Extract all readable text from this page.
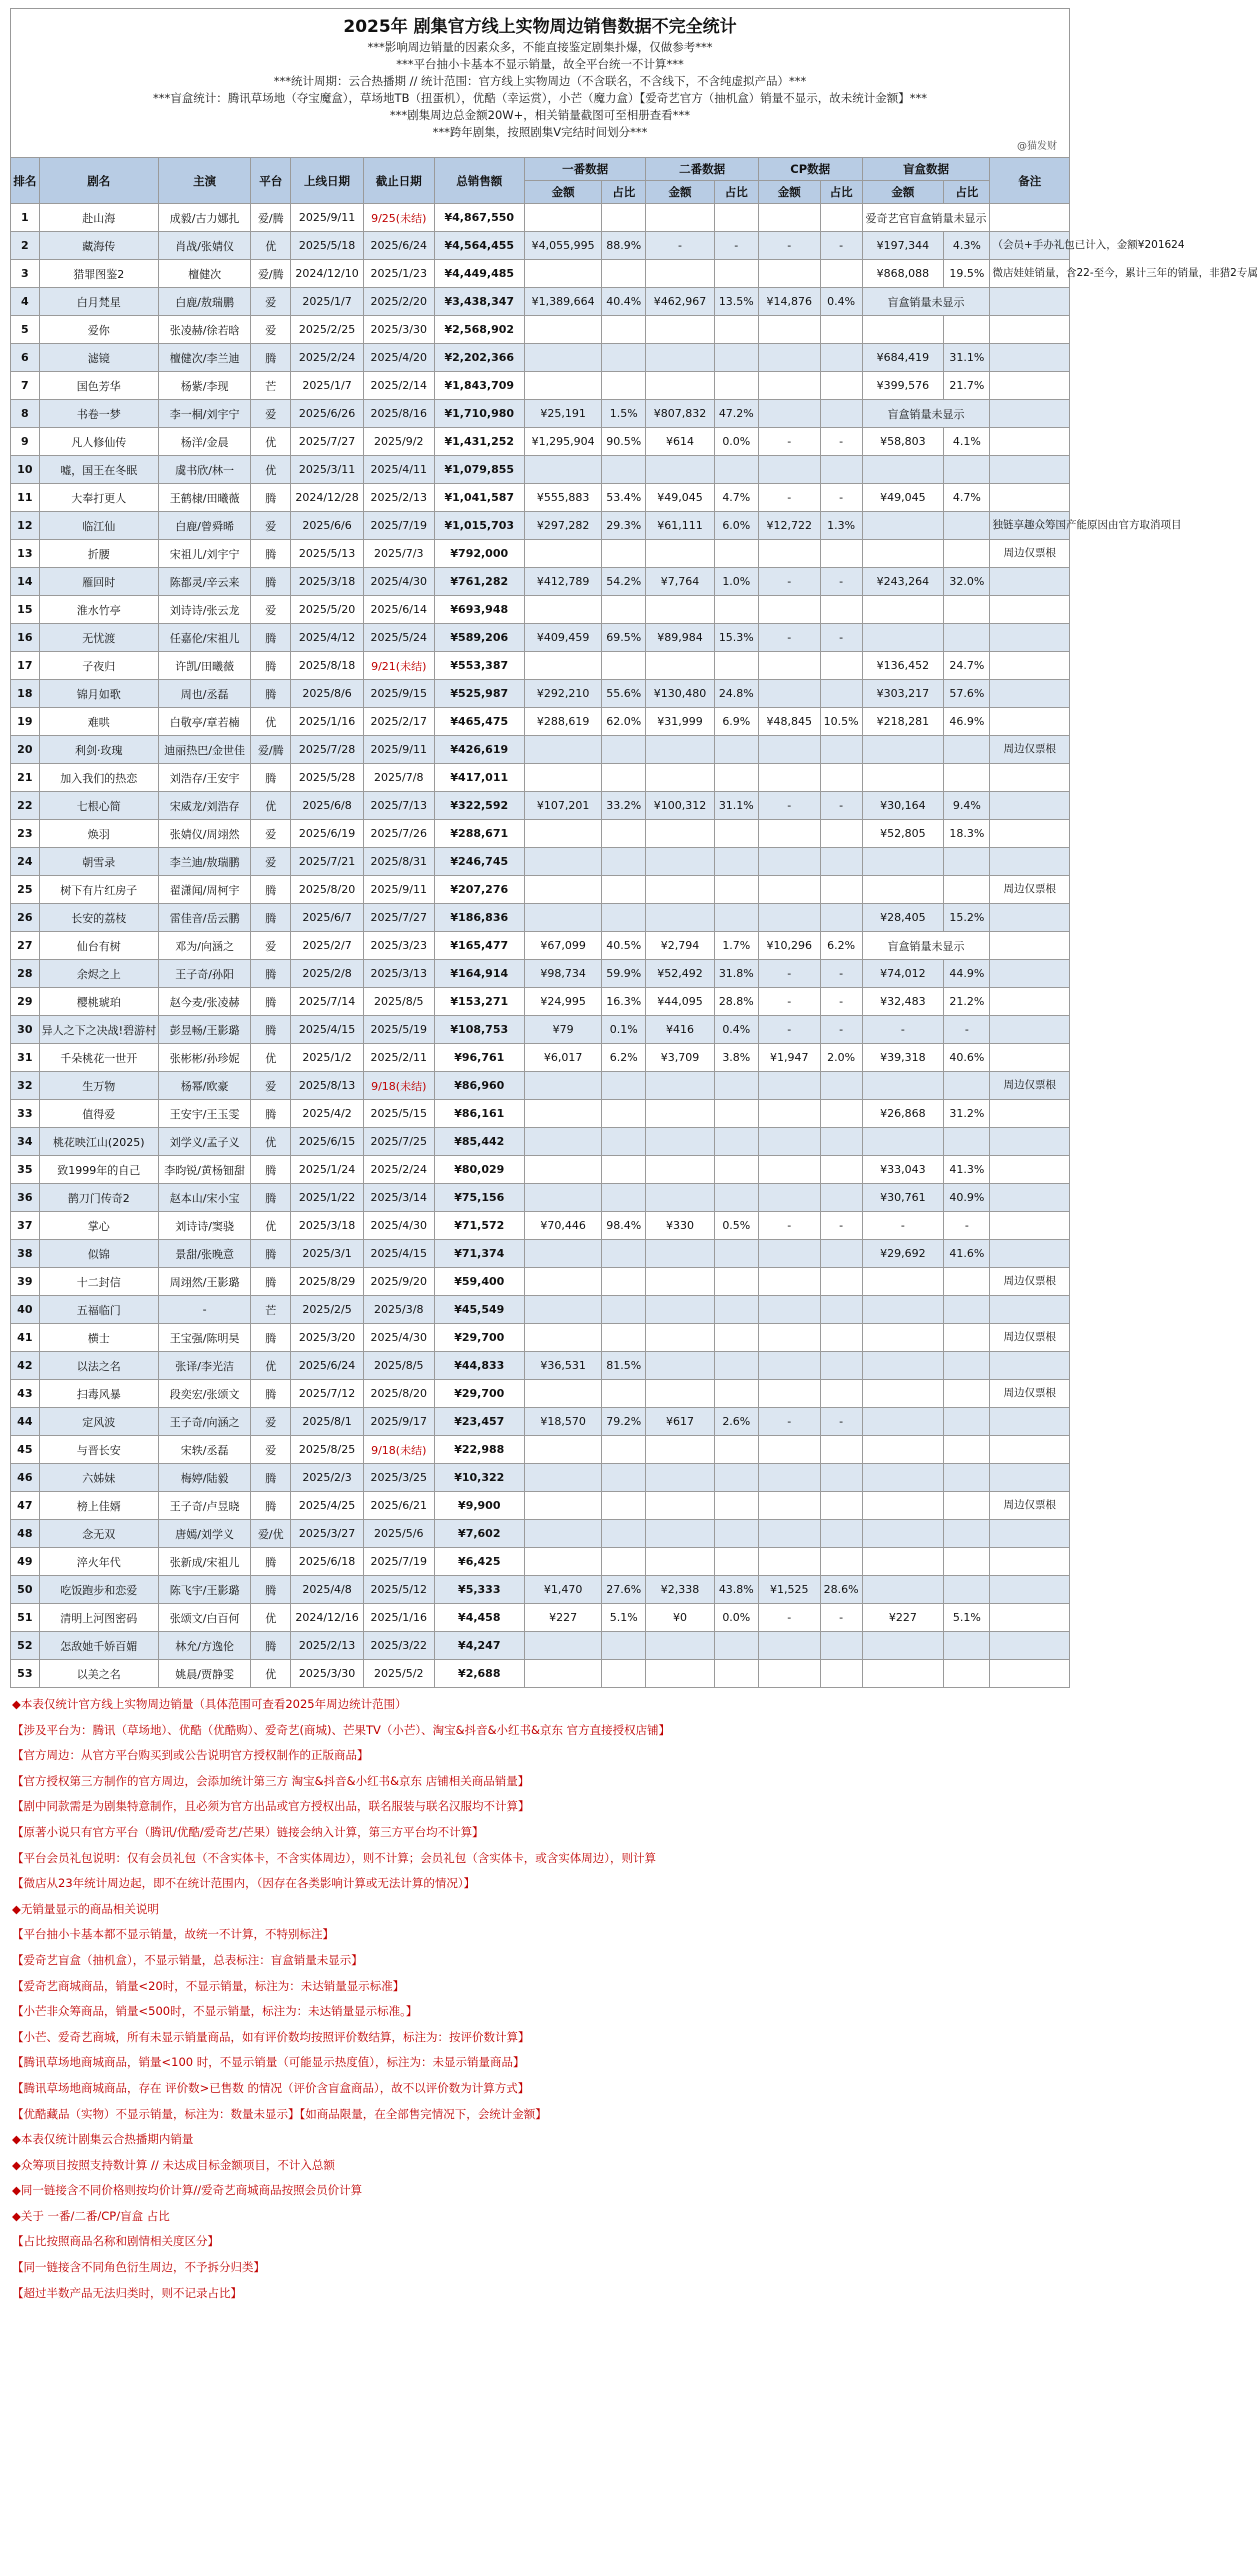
2025年 剧集官方线上实物周边销售数据不完全统计
***影响周边销量的因素众多，不能直接鉴定剧集扑爆，仅做参考***
***平台抽小卡基本不显示销量，故全平台统一不计算***
***统计周期：云合热播期 // 统计范围：官方线上实物周边（不含联名，不含线下，不含纯虚拟产品）***
***盲盒统计：腾讯草场地（夺宝魔盒），草场地TB（扭蛋机），优酷（幸运赏），小芒（魔力盒）【爱奇艺官方（抽机盒）销量不显示，故未统计金额】***
***剧集周边总金额20W+，相关销量截图可至相册查看***
***跨年剧集，按照剧集V完结时间划分***
@猫发财
排名	剧名	主演	平台	上线日期	截止日期	总销售额	一番数据		二番数据		CP数据		盲盒数据		备注
							金额	占比	金额	占比	金额	占比	金额	占比	
1	赴山海	成毅/古力娜扎	爱/腾	2025/9/11	9/25(未结)	¥4,867,550							爱奇艺官盲盒销量未显示		
2	藏海传	肖战/张婧仪	优	2025/5/18	2025/6/24	¥4,564,455	¥4,055,995	88.9%	-	-	-	-	¥197,344	4.3%	（会员+手办礼包已计入，金额¥201624
3	猎罪图鉴2	檀健次	爱/腾	2024/12/10	2025/1/23	¥4,449,485							¥868,088	19.5%	微店娃娃销量，含22-至今，累计三年的销量，非猎2专属
4	白月梵星	白鹿/敖瑞鹏	爱	2025/1/7	2025/2/20	¥3,438,347	¥1,389,664	40.4%	¥462,967	13.5%	¥14,876	0.4%	盲盒销量未显示		
5	爱你	张凌赫/徐若晗	爱	2025/2/25	2025/3/30	¥2,568,902									
6	滤镜	檀健次/李兰迪	腾	2025/2/24	2025/4/20	¥2,202,366							¥684,419	31.1%	
7	国色芳华	杨紫/李现	芒	2025/1/7	2025/2/14	¥1,843,709							¥399,576	21.7%	
8	书卷一梦	李一桐/刘宇宁	爱	2025/6/26	2025/8/16	¥1,710,980	¥25,191	1.5%	¥807,832	47.2%			盲盒销量未显示		
9	凡人修仙传	杨洋/金晨	优	2025/7/27	2025/9/2	¥1,431,252	¥1,295,904	90.5%	¥614	0.0%	-	-	¥58,803	4.1%	
10	嘘，国王在冬眠	虞书欣/林一	优	2025/3/11	2025/4/11	¥1,079,855									
11	大奉打更人	王鹤棣/田曦薇	腾	2024/12/28	2025/2/13	¥1,041,587	¥555,883	53.4%	¥49,045	4.7%	-	-	¥49,045	4.7%	
12	临江仙	白鹿/曾舜晞	爱	2025/6/6	2025/7/19	¥1,015,703	¥297,282	29.3%	¥61,111	6.0%	¥12,722	1.3%			独链享趣众筹国产能原因由官方取消项目
13	折腰	宋祖儿/刘宇宁	腾	2025/5/13	2025/7/3	¥792,000									周边仅票根
14	雁回时	陈都灵/辛云来	腾	2025/3/18	2025/4/30	¥761,282	¥412,789	54.2%	¥7,764	1.0%	-	-	¥243,264	32.0%	
15	淮水竹亭	刘诗诗/张云龙	爱	2025/5/20	2025/6/14	¥693,948									
16	无忧渡	任嘉伦/宋祖儿	腾	2025/4/12	2025/5/24	¥589,206	¥409,459	69.5%	¥89,984	15.3%	-	-			
17	子夜归	许凯/田曦薇	腾	2025/8/18	9/21(未结)	¥553,387							¥136,452	24.7%	
18	锦月如歌	周也/丞磊	腾	2025/8/6	2025/9/15	¥525,987	¥292,210	55.6%	¥130,480	24.8%			¥303,217	57.6%	
19	难哄	白敬亭/章若楠	优	2025/1/16	2025/2/17	¥465,475	¥288,619	62.0%	¥31,999	6.9%	¥48,845	10.5%	¥218,281	46.9%	
20	利剑·玫瑰	迪丽热巴/金世佳	爱/腾	2025/7/28	2025/9/11	¥426,619									周边仅票根
21	加入我们的热恋	刘浩存/王安宇	腾	2025/5/28	2025/7/8	¥417,011									
22	七根心简	宋威龙/刘浩存	优	2025/6/8	2025/7/13	¥322,592	¥107,201	33.2%	¥100,312	31.1%	-	-	¥30,164	9.4%	
23	焕羽	张婧仪/周翊然	爱	2025/6/19	2025/7/26	¥288,671							¥52,805	18.3%	
24	朝雪录	李兰迪/敖瑞鹏	爱	2025/7/21	2025/8/31	¥246,745									
25	树下有片红房子	翟潇闻/周柯宇	腾	2025/8/20	2025/9/11	¥207,276									周边仅票根
26	长安的荔枝	雷佳音/岳云鹏	腾	2025/6/7	2025/7/27	¥186,836							¥28,405	15.2%	
27	仙台有树	邓为/向涵之	爱	2025/2/7	2025/3/23	¥165,477	¥67,099	40.5%	¥2,794	1.7%	¥10,296	6.2%	盲盒销量未显示		
28	余烬之上	王子奇/孙阳	腾	2025/2/8	2025/3/13	¥164,914	¥98,734	59.9%	¥52,492	31.8%	-	-	¥74,012	44.9%	
29	樱桃琥珀	赵今麦/张凌赫	腾	2025/7/14	2025/8/5	¥153,271	¥24,995	16.3%	¥44,095	28.8%	-	-	¥32,483	21.2%	
30	异人之下之决战!碧游村	彭昱畅/王影璐	腾	2025/4/15	2025/5/19	¥108,753	¥79	0.1%	¥416	0.4%	-	-	-	-	
31	千朵桃花一世开	张彬彬/孙珍妮	优	2025/1/2	2025/2/11	¥96,761	¥6,017	6.2%	¥3,709	3.8%	¥1,947	2.0%	¥39,318	40.6%	
32	生万物	杨幂/欧豪	爱	2025/8/13	9/18(未结)	¥86,960									周边仅票根
33	值得爱	王安宇/王玉雯	腾	2025/4/2	2025/5/15	¥86,161							¥26,868	31.2%	
34	桃花映江山(2025)	刘学义/孟子义	优	2025/6/15	2025/7/25	¥85,442									
35	致1999年的自己	李昀锐/黄杨钿甜	腾	2025/1/24	2025/2/24	¥80,029							¥33,043	41.3%	
36	鹊刀门传奇2	赵本山/宋小宝	腾	2025/1/22	2025/3/14	¥75,156							¥30,761	40.9%	
37	掌心	刘诗诗/窦骁	优	2025/3/18	2025/4/30	¥71,572	¥70,446	98.4%	¥330	0.5%	-	-	-	-	
38	似锦	景甜/张晚意	腾	2025/3/1	2025/4/15	¥71,374							¥29,692	41.6%	
39	十二封信	周翊然/王影璐	腾	2025/8/29	2025/9/20	¥59,400									周边仅票根
40	五福临门	-	芒	2025/2/5	2025/3/8	¥45,549									
41	横士	王宝强/陈明昊	腾	2025/3/20	2025/4/30	¥29,700									周边仅票根
42	以法之名	张译/李光洁	优	2025/6/24	2025/8/5	¥44,833	¥36,531	81.5%							
43	扫毒风暴	段奕宏/张颂文	腾	2025/7/12	2025/8/20	¥29,700									周边仅票根
44	定风波	王子奇/向涵之	爱	2025/8/1	2025/9/17	¥23,457	¥18,570	79.2%	¥617	2.6%	-	-			
45	与晋长安	宋轶/丞磊	爱	2025/8/25	9/18(未结)	¥22,988									
46	六姊妹	梅婷/陆毅	腾	2025/2/3	2025/3/25	¥10,322									
47	榜上佳婿	王子奇/卢昱晓	腾	2025/4/25	2025/6/21	¥9,900									周边仅票根
48	念无双	唐嫣/刘学义	爱/优	2025/3/27	2025/5/6	¥7,602									
49	淬火年代	张新成/宋祖儿	腾	2025/6/18	2025/7/19	¥6,425									
50	吃饭跑步和恋爱	陈飞宇/王影璐	腾	2025/4/8	2025/5/12	¥5,333	¥1,470	27.6%	¥2,338	43.8%	¥1,525	28.6%			
51	清明上河图密码	张颂文/白百何	优	2024/12/16	2025/1/16	¥4,458	¥227	5.1%	¥0	0.0%	-	-	¥227	5.1%	
52	怎敌她千娇百媚	林允/方逸伦	腾	2025/2/13	2025/3/22	¥4,247									
53	以美之名	姚晨/贾静雯	优	2025/3/30	2025/5/2	¥2,688									
◆本表仅统计官方线上实物周边销量（具体范围可查看2025年周边统计范围）
【涉及平台为：腾讯（草场地）、优酷（优酷购）、爱奇艺(商城)、芒果TV（小芒）、淘宝&抖音&小红书&京东 官方直接授权店铺】
【官方周边：从官方平台购买到或公告说明官方授权制作的正版商品】
【官方授权第三方制作的官方周边，会添加统计第三方 淘宝&抖音&小红书&京东 店铺相关商品销量】
【剧中同款需是为剧集特意制作，且必须为官方出品或官方授权出品，联名服装与联名汉服均不计算】
【原著小说只有官方平台（腾讯/优酷/爱奇艺/芒果）链接会纳入计算，第三方平台均不计算】
【平台会员礼包说明：仅有会员礼包（不含实体卡，不含实体周边），则不计算；会员礼包（含实体卡，或含实体周边），则计算
【微店从23年统计周边起，即不在统计范围内，（因存在各类影响计算或无法计算的情况）】
◆无销量显示的商品相关说明
【平台抽小卡基本都不显示销量，故统一不计算，不特别标注】
【爱奇艺盲盒（抽机盒），不显示销量，总表标注：盲盒销量未显示】
【爱奇艺商城商品，销量<20时，不显示销量，标注为：未达销量显示标准】
【小芒非众筹商品，销量<500时，不显示销量，标注为：未达销量显示标准。】
【小芒、爱奇艺商城，所有未显示销量商品，如有评价数均按照评价数结算，标注为：按评价数计算】
【腾讯草场地商城商品，销量<100 时，不显示销量（可能显示热度值），标注为：未显示销量商品】
【腾讯草场地商城商品，存在 评价数>已售数 的情况（评价含盲盒商品），故不以评价数为计算方式】
【优酷藏品（实物）不显示销量，标注为：数量未显示】【如商品限量，在全部售完情况下，会统计金额】
◆本表仅统计剧集云合热播期内销量
◆众筹项目按照支持数计算 // 未达成目标金额项目，不计入总额
◆同一链接含不同价格则按均价计算//爱奇艺商城商品按照会员价计算
◆关于 一番/二番/CP/盲盒 占比
【占比按照商品名称和剧情相关度区分】
【同一链接含不同角色衍生周边，不予拆分归类】
【超过半数产品无法归类时，则不记录占比】
